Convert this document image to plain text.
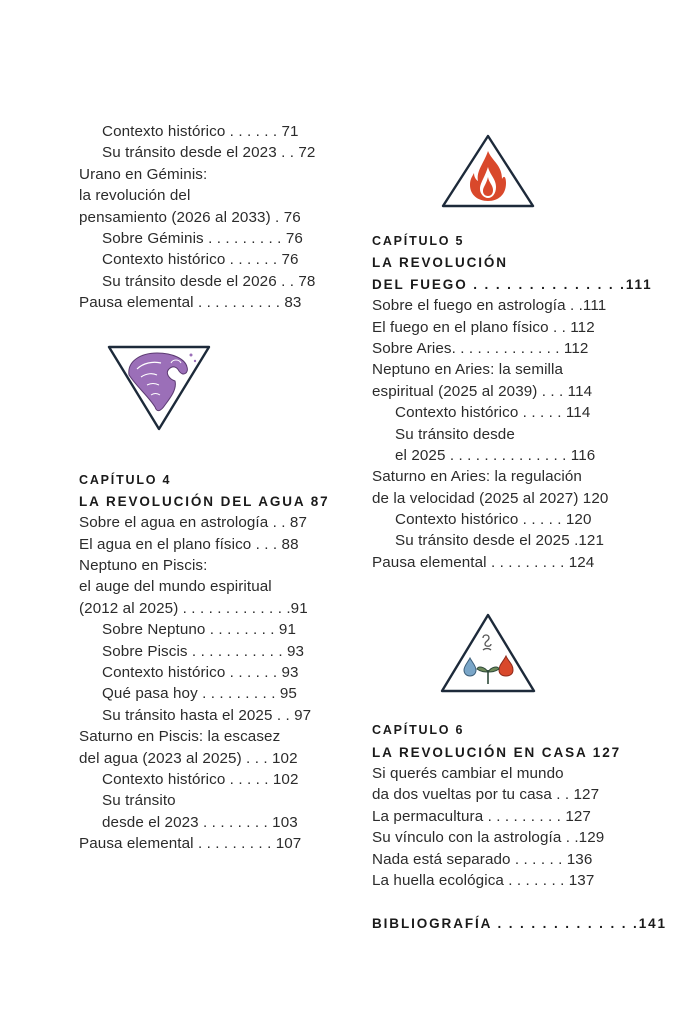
Contexto histórico . . . . . . 71
Su tránsito desde el 2023 . . 72
Urano en Géminis:
la revolución del
pensamiento (2026 al 2033) . 76
Sobre Géminis . . . . . . . . . 76
Contexto histórico . . . . . . 76
Su tránsito desde el 2026 . . 78
Pausa elemental . . . . . . . . . . 83
CAPÍTULO 4
LA REVOLUCIÓN DEL AGUA 87
Sobre el agua en astrología . . 87
El agua en el plano físico . . . 88
Neptuno en Piscis:
el auge del mundo espiritual
(2012 al 2025) . . . . . . . . . . . . .91
Sobre Neptuno . . . . . . . . 91
Sobre Piscis . . . . . . . . . . . 93
Contexto histórico . . . . . . 93
Qué pasa hoy . . . . . . . . . 95
Su tránsito hasta el 2025 . . 97
Saturno en Piscis: la escasez
del agua (2023 al 2025) . . . 102
Contexto histórico . . . . . 102
Su tránsito
desde el 2023 . . . . . . . . 103
Pausa elemental . . . . . . . . . 107
CAPÍTULO 5
LA REVOLUCIÓN
DEL FUEGO . . . . . . . . . . . . . .111
Sobre el fuego en astrología . .111
El fuego en el plano físico . . 112
Sobre Aries. . . . . . . . . . . . . 112
Neptuno en Aries: la semilla
espiritual (2025 al 2039) . . . 114
Contexto histórico . . . . . 114
Su tránsito desde
el 2025 . . . . . . . . . . . . . . 116
Saturno en Aries: la regulación
de la velocidad (2025 al 2027) 120
Contexto histórico . . . . . 120
Su tránsito desde el 2025 .121
Pausa elemental . . . . . . . . . 124
CAPÍTULO 6
LA REVOLUCIÓN EN CASA 127
Si querés cambiar el mundo
da dos vueltas por tu casa . . 127
La permacultura . . . . . . . . . 127
Su vínculo con la astrología . .129
Nada está separado . . . . . . 136
La huella ecológica . . . . . . . 137
BIBLIOGRAFÍA . . . . . . . . . . . . .141
